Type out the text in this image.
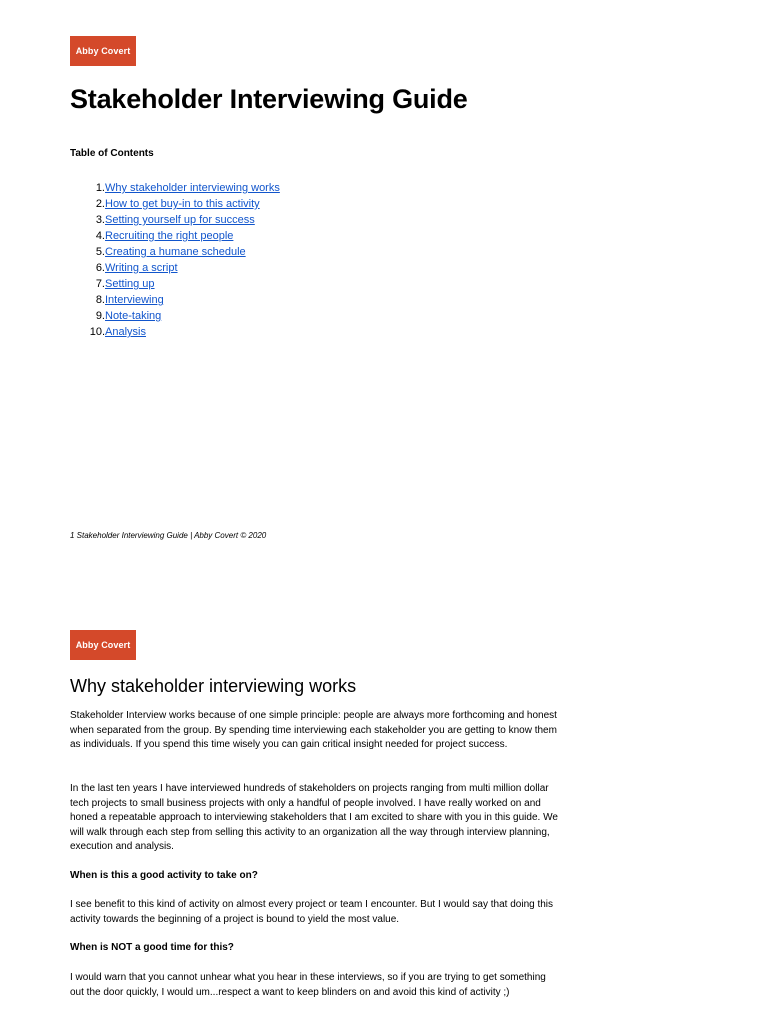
Abby Covert
Stakeholder Interviewing Guide
Table of Contents
1. Why stakeholder interviewing works
2. How to get buy-in to this activity
3. Setting yourself up for success
4. Recruiting the right people
5. Creating a humane schedule
6. Writing a script
7. Setting up
8. Interviewing
9. Note-taking
10. Analysis
1 Stakeholder Interviewing Guide | Abby Covert © 2020
Abby Covert
Why stakeholder interviewing works

Stakeholder Interview works because of one simple principle: people are always more forthcoming and honest when separated from the group. By spending time interviewing each stakeholder you are getting to know them as individuals. If you spend this time wisely you can gain critical insight needed for project success.

In the last ten years I have interviewed hundreds of stakeholders on projects ranging from multi million dollar tech projects to small business projects with only a handful of people involved. I have really worked on and honed a repeatable approach to interviewing stakeholders that I am excited to share with you in this guide. We will walk through each step from selling this activity to an organization all the way through interview planning, execution and analysis.

When is this a good activity to take on?

I see benefit to this kind of activity on almost every project or team I encounter. But I would say that doing this activity towards the beginning of a project is bound to yield the most value.

When is NOT a good time for this?

I would warn that you cannot unhear what you hear in these interviews, so if you are trying to get something out the door quickly, I would um...respect a want to keep blinders on and avoid this kind of activity ;)
